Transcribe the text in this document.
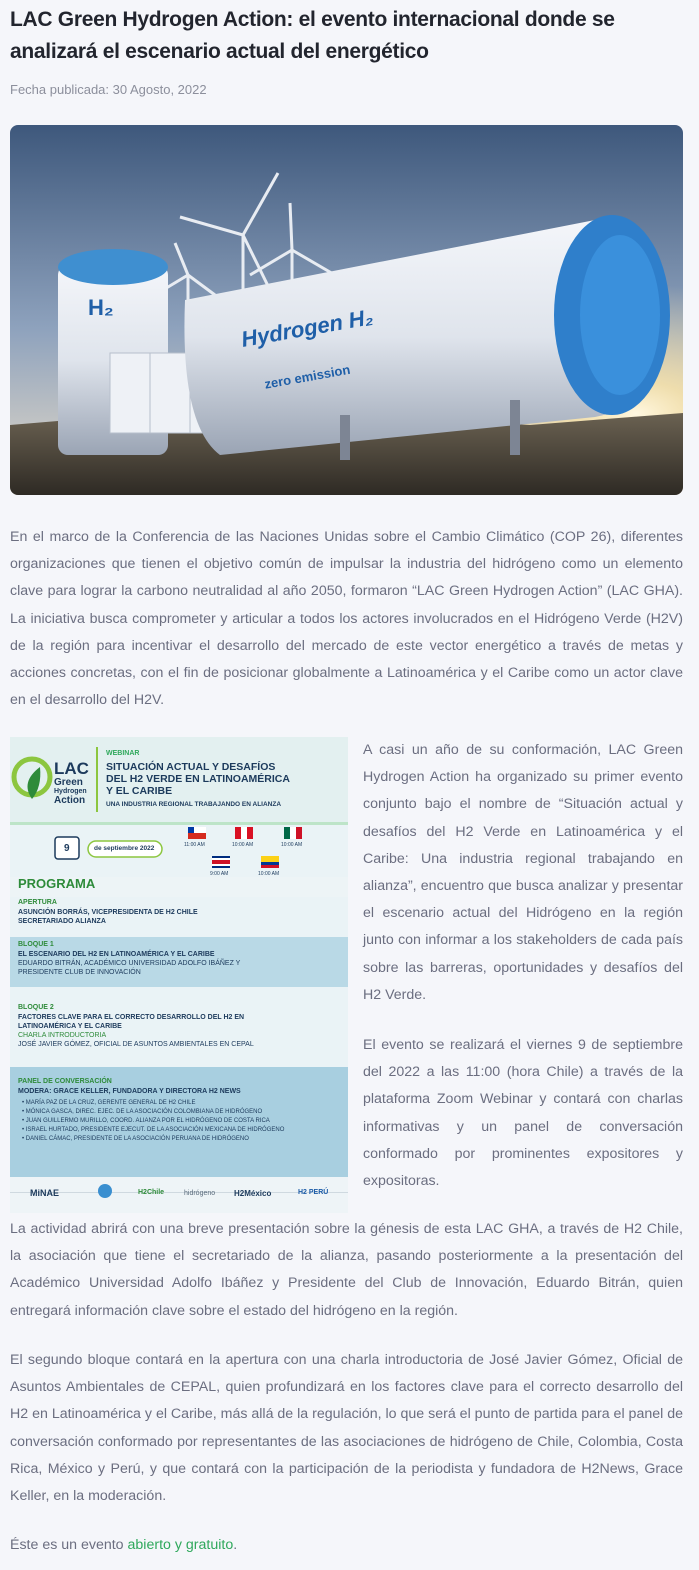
LAC Green Hydrogen Action: el evento internacional donde se analizará el escenario actual del energético
Fecha publicada: 30 Agosto, 2022
H₂	Hydrogen H₂
zero emission

En el marco de la Conferencia de las Naciones Unidas sobre el Cambio Climático (COP 26), diferentes organizaciones que tienen el objetivo común de impulsar la industria del hidrógeno como un elemento clave para lograr la carbono neutralidad al año 2050, formaron “LAC Green Hydrogen Action” (LAC GHA). La iniciativa busca comprometer y articular a todos los actores involucrados en el Hidrógeno Verde (H2V) de la región para incentivar el desarrollo del mercado de este vector energético a través de metas y acciones concretas, con el fin de posicionar globalmente a Latinoamérica y el Caribe como un actor clave en el desarrollo del H2V.

LAC
Green
Hydrogen
Action
WEBINAR
SITUACIÓN ACTUAL Y DESAFÍOS
DEL H2 VERDE EN LATINOAMÉRICA
Y EL CARIBE
UNA INDUSTRIA REGIONAL TRABAJANDO EN ALIANZA
9	de septiembre 2022	11:00 AM	10:00 AM	10:00 AM
9:00 AM	10:00 AM
PROGRAMA
APERTURA
ASUNCIÓN BORRÁS, VICEPRESIDENTA DE H2 CHILE
SECRETARIADO ALIANZA
BLOQUE 1
EL ESCENARIO DEL H2 EN LATINOAMÉRICA Y EL CARIBE
EDUARDO BITRÁN, ACADÉMICO UNIVERSIDAD ADOLFO IBÁÑEZ Y
PRESIDENTE CLUB DE INNOVACIÓN
BLOQUE 2
FACTORES CLAVE PARA EL CORRECTO DESARROLLO DEL H2 EN
LATINOAMÉRICA Y EL CARIBE
CHARLA INTRODUCTORIA
JOSÉ JAVIER GÓMEZ, OFICIAL DE ASUNTOS AMBIENTALES EN CEPAL
PANEL DE CONVERSACIÓN
MODERA: GRACE KELLER, FUNDADORA Y DIRECTORA H2 NEWS
• MARÍA PAZ DE LA CRUZ, GERENTE GENERAL DE H2 CHILE
• MÓNICA GASCA, DIREC. EJEC. DE LA ASOCIACIÓN COLOMBIANA DE HIDRÓGENO
• JUAN GUILLERMO MURILLO, COORD. ALIANZA POR EL HIDRÓGENO DE COSTA RICA
• ISRAEL HURTADO, PRESIDENTE EJECUT. DE LA ASOCIACIÓN MEXICANA DE HIDRÓGENO
• DANIEL CÁMAC, PRESIDENTE DE LA ASOCIACIÓN PERUANA DE HIDRÓGENO
MiNAE	H2Chile	hidrógeno H2México	H2 PERÚ

A casi un año de su conformación, LAC Green Hydrogen Action ha organizado su primer evento conjunto bajo el nombre de “Situación actual y desafíos del H2 Verde en Latinoamérica y el Caribe: Una industria regional trabajando en alianza”, encuentro que busca analizar y presentar el escenario actual del Hidrógeno en la región junto con informar a los stakeholders de cada país sobre las barreras, oportunidades y desafíos del H2 Verde.

El evento se realizará el viernes 9 de septiembre del 2022 a las 11:00 (hora Chile) a través de la plataforma Zoom Webinar y contará con charlas informativas y un panel de conversación conformado por prominentes expositores y expositoras.

La actividad abrirá con una breve presentación sobre la génesis de esta LAC GHA, a través de H2 Chile, la asociación que tiene el secretariado de la alianza, pasando posteriormente a la presentación del Académico Universidad Adolfo Ibáñez y Presidente del Club de Innovación, Eduardo Bitrán, quien entregará información clave sobre el estado del hidrógeno en la región.

El segundo bloque contará en la apertura con una charla introductoria de José Javier Gómez, Oficial de Asuntos Ambientales de CEPAL, quien profundizará en los factores clave para el correcto desarrollo del H2 en Latinoamérica y el Caribe, más allá de la regulación, lo que será el punto de partida para el panel de conversación conformado por representantes de las asociaciones de hidrógeno de Chile, Colombia, Costa Rica, México y Perú, y que contará con la participación de la periodista y fundadora de H2News, Grace Keller, en la moderación.

Éste es un evento abierto y gratuito.
